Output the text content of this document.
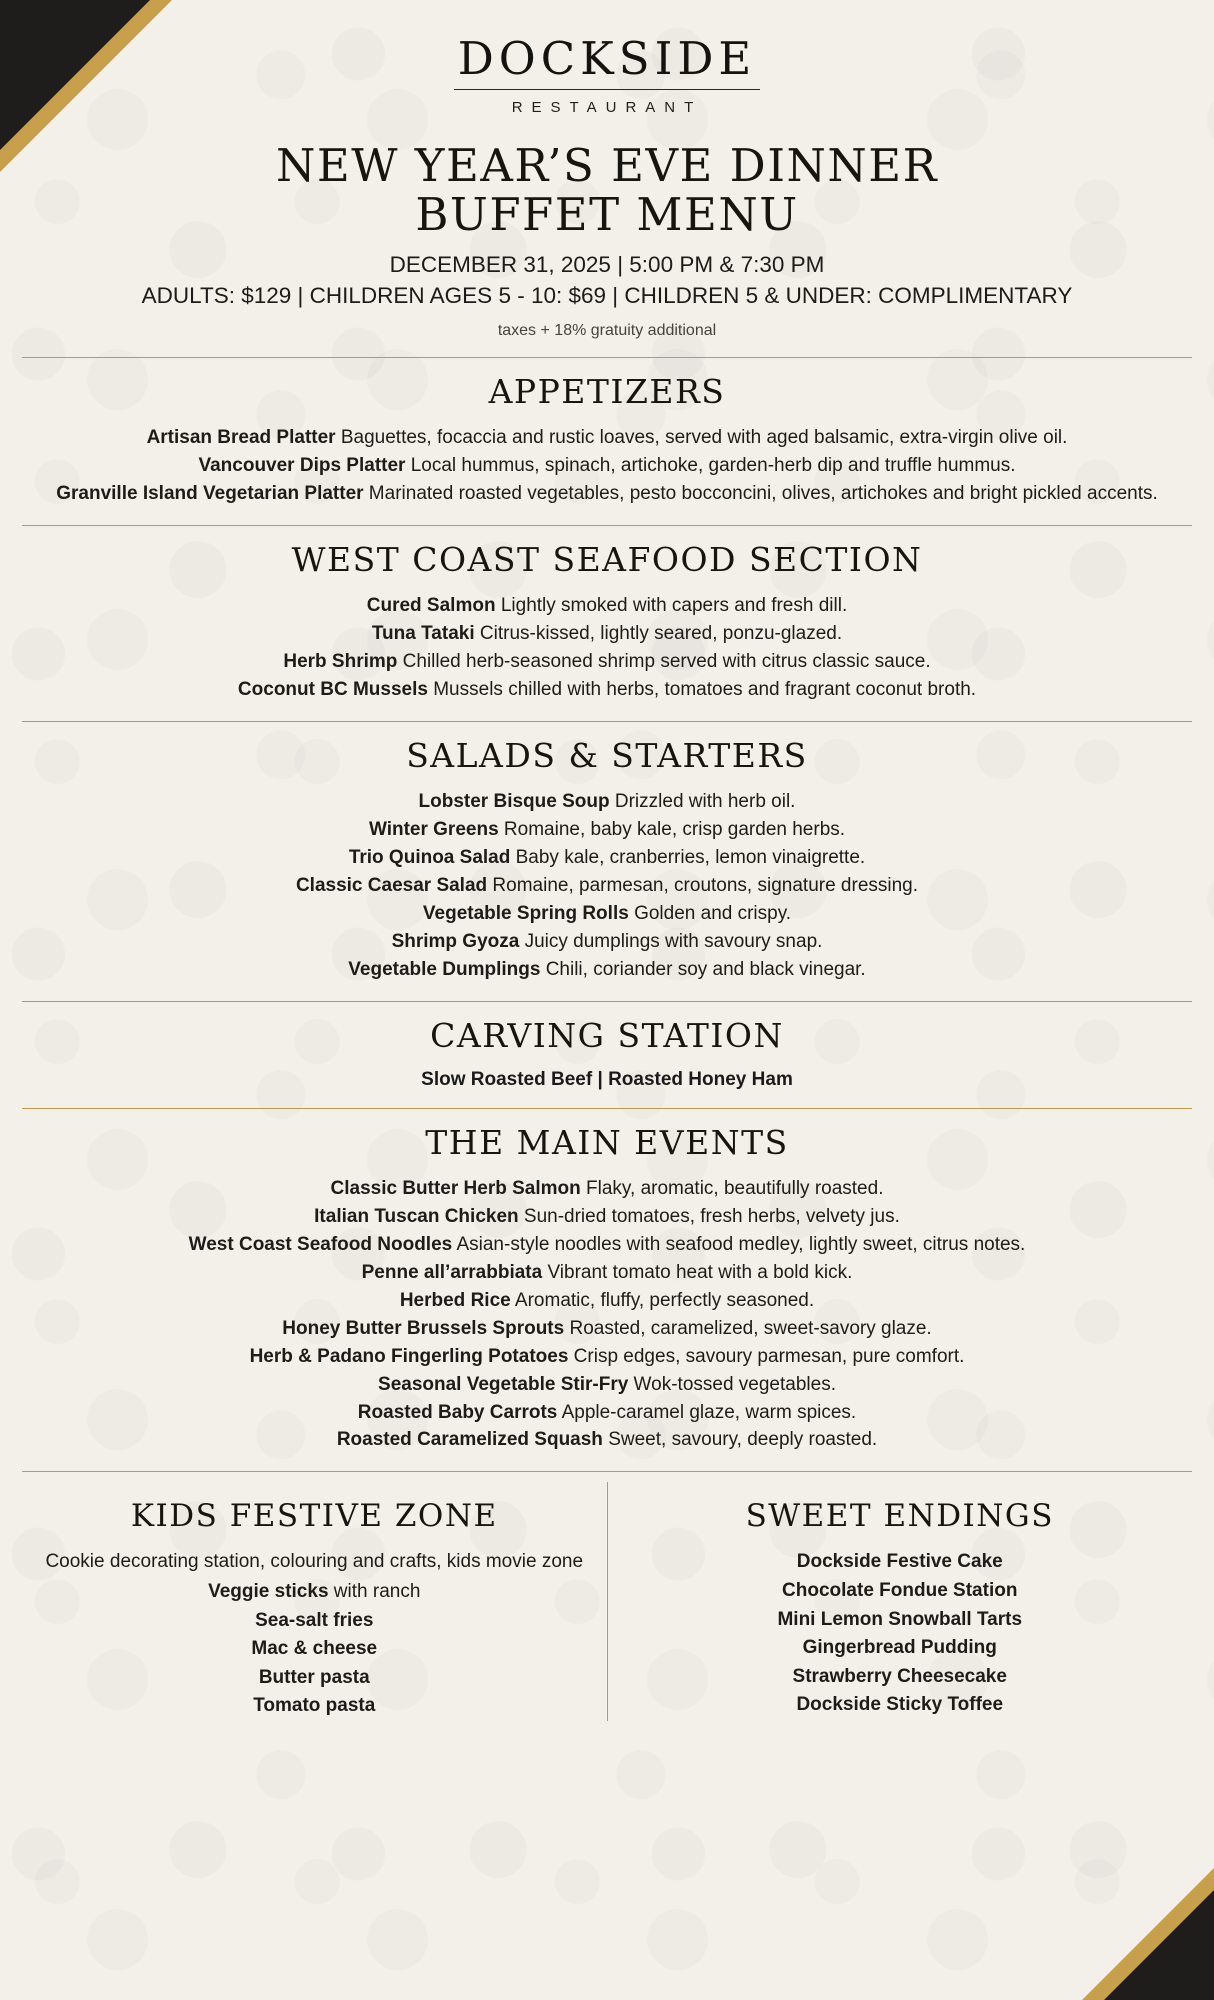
DOCKSIDE
RESTAURANT
NEW YEAR’S EVE DINNER
BUFFET MENU
DECEMBER 31, 2025 | 5:00 PM & 7:30 PM
ADULTS: $129 | CHILDREN AGES 5 - 10: $69 | CHILDREN 5 & UNDER: COMPLIMENTARY
taxes + 18% gratuity additional
APPETIZERS
Artisan Bread Platter Baguettes, focaccia and rustic loaves, served with aged balsamic, extra-virgin olive oil.
Vancouver Dips Platter Local hummus, spinach, artichoke, garden-herb dip and truffle hummus.
Granville Island Vegetarian Platter Marinated roasted vegetables, pesto bocconcini, olives, artichokes and bright pickled accents.
WEST COAST SEAFOOD SECTION
Cured Salmon Lightly smoked with capers and fresh dill.
Tuna Tataki Citrus-kissed, lightly seared, ponzu-glazed.
Herb Shrimp Chilled herb-seasoned shrimp served with citrus classic sauce.
Coconut BC Mussels Mussels chilled with herbs, tomatoes and fragrant coconut broth.
SALADS & STARTERS
Lobster Bisque Soup Drizzled with herb oil.
Winter Greens Romaine, baby kale, crisp garden herbs.
Trio Quinoa Salad Baby kale, cranberries, lemon vinaigrette.
Classic Caesar Salad Romaine, parmesan, croutons, signature dressing.
Vegetable Spring Rolls Golden and crispy.
Shrimp Gyoza Juicy dumplings with savoury snap.
Vegetable Dumplings Chili, coriander soy and black vinegar.
CARVING STATION
Slow Roasted Beef | Roasted Honey Ham
THE MAIN EVENTS
Classic Butter Herb Salmon Flaky, aromatic, beautifully roasted.
Italian Tuscan Chicken Sun-dried tomatoes, fresh herbs, velvety jus.
West Coast Seafood Noodles Asian-style noodles with seafood medley, lightly sweet, citrus notes.
Penne all’arrabbiata Vibrant tomato heat with a bold kick.
Herbed Rice Aromatic, fluffy, perfectly seasoned.
Honey Butter Brussels Sprouts Roasted, caramelized, sweet-savory glaze.
Herb & Padano Fingerling Potatoes Crisp edges, savoury parmesan, pure comfort.
Seasonal Vegetable Stir-Fry Wok-tossed vegetables.
Roasted Baby Carrots Apple-caramel glaze, warm spices.
Roasted Caramelized Squash Sweet, savoury, deeply roasted.
KIDS FESTIVE ZONE
Cookie decorating station, colouring and crafts, kids movie zone
Veggie sticks with ranch
Sea-salt fries
Mac & cheese
Butter pasta
Tomato pasta
SWEET ENDINGS
Dockside Festive Cake
Chocolate Fondue Station
Mini Lemon Snowball Tarts
Gingerbread Pudding
Strawberry Cheesecake
Dockside Sticky Toffee
